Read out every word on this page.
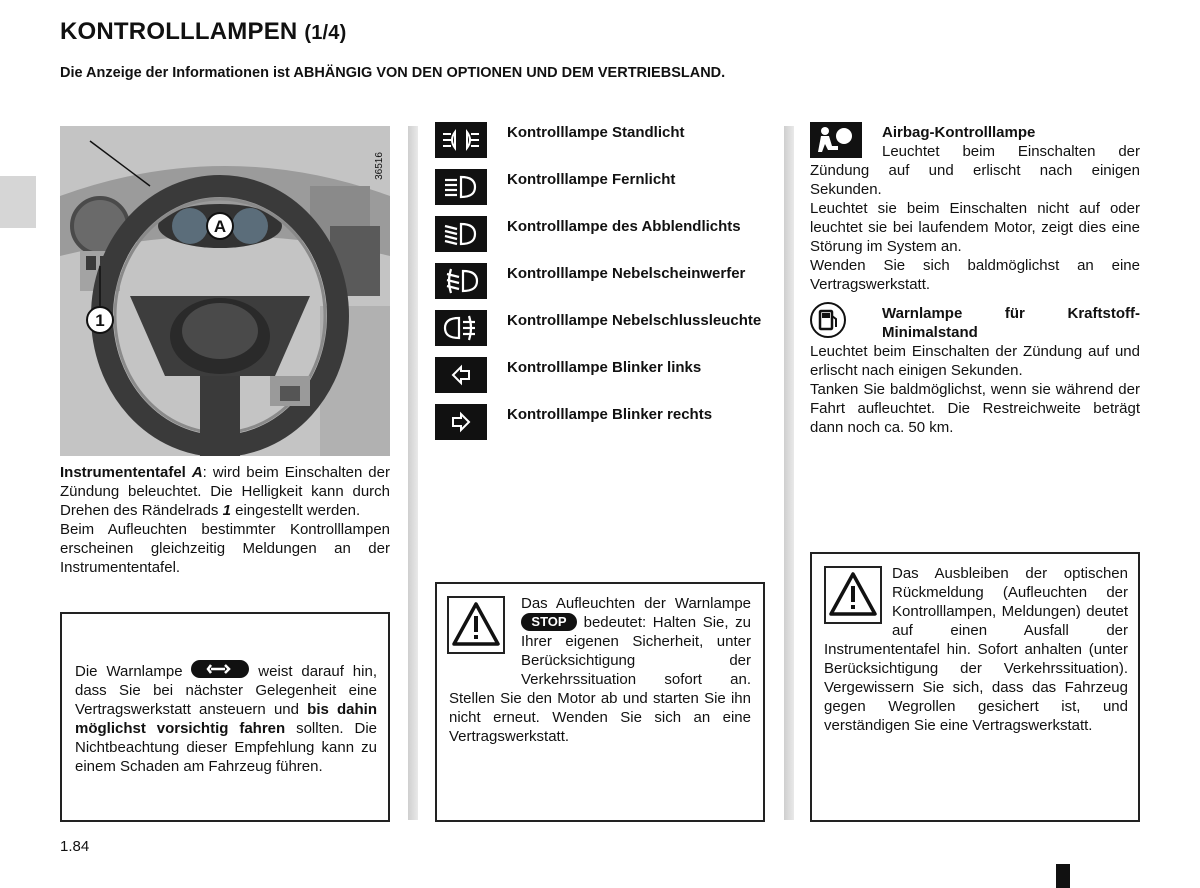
KONTROLLLAMPEN (1/4)
Die Anzeige der Informationen ist ABHÄNGIG VON DEN OPTIONEN UND DEM VERTRIEBSLAND.
A
1
36516
Instrumententafel A: wird beim Einschalten der Zündung beleuchtet. Die Helligkeit kann durch Drehen des Rändelrads 1 eingestellt werden.
Beim Aufleuchten bestimmter Kontrolllampen erscheinen gleichzeitig Meldungen an der Instrumententafel.
Die Warnlampe	weist darauf hin, dass Sie bei nächster Gelegenheit eine Vertragswerkstatt ansteuern und bis dahin möglichst vorsichtig fahren sollten. Die Nichtbeachtung dieser Empfehlung kann zu einem Schaden am Fahrzeug führen.
Kontrolllampe Standlicht
Kontrolllampe Fernlicht
Kontrolllampe des Abblendlichts
Kontrolllampe Nebelscheinwerfer
Kontrolllampe Nebelschlussleuchte
Kontrolllampe Blinker links
Kontrolllampe Blinker rechts
Das Aufleuchten der Warnlampe STOP bedeutet: Halten Sie, zu Ihrer eigenen Sicherheit, unter Berücksichtigung der Verkehrssituation sofort an. Stellen Sie den Motor ab und starten Sie ihn nicht erneut. Wenden Sie sich an eine Vertragswerkstatt.
Airbag-Kontrolllampe
Leuchtet beim Einschalten der Zündung auf und erlischt nach einigen Sekunden.
Leuchtet sie beim Einschalten nicht auf oder leuchtet sie bei laufendem Motor, zeigt dies eine Störung im System an.
Wenden Sie sich baldmöglichst an eine Vertragswerkstatt.
Warnlampe für Kraftstoff-Minimalstand
Leuchtet beim Einschalten der Zündung auf und erlischt nach einigen Sekunden.
Tanken Sie baldmöglichst, wenn sie während der Fahrt aufleuchtet. Die Restreichweite beträgt dann noch ca. 50 km.
Das Ausbleiben der optischen Rückmeldung (Aufleuchten der Kontrolllampen, Meldungen) deutet auf einen Ausfall der Instrumententafel hin. Sofort anhalten (unter Berücksichtigung der Verkehrssituation). Vergewissern Sie sich, dass das Fahrzeug gegen Wegrollen gesichert ist, und verständigen Sie eine Vertragswerkstatt.
1.84
